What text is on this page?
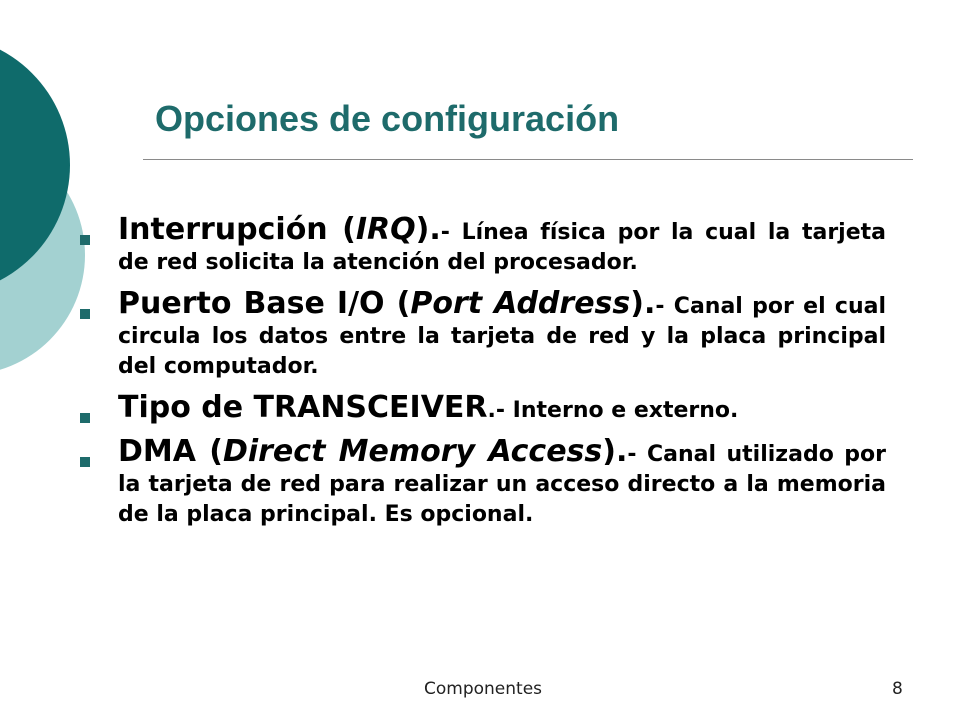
Opciones de configuración
Interrupción (IRQ).- Línea física por la cual la tarjeta de red solicita la atención del procesador.
Puerto Base I/O (Port Address).- Canal por el cual circula los datos entre la tarjeta de red y la placa principal del computador.
Tipo de TRANSCEIVER.- Interno e externo.
DMA (Direct Memory Access).- Canal utilizado por la tarjeta de red para realizar un acceso directo a la memoria de la placa principal. Es opcional.
Componentes	8
